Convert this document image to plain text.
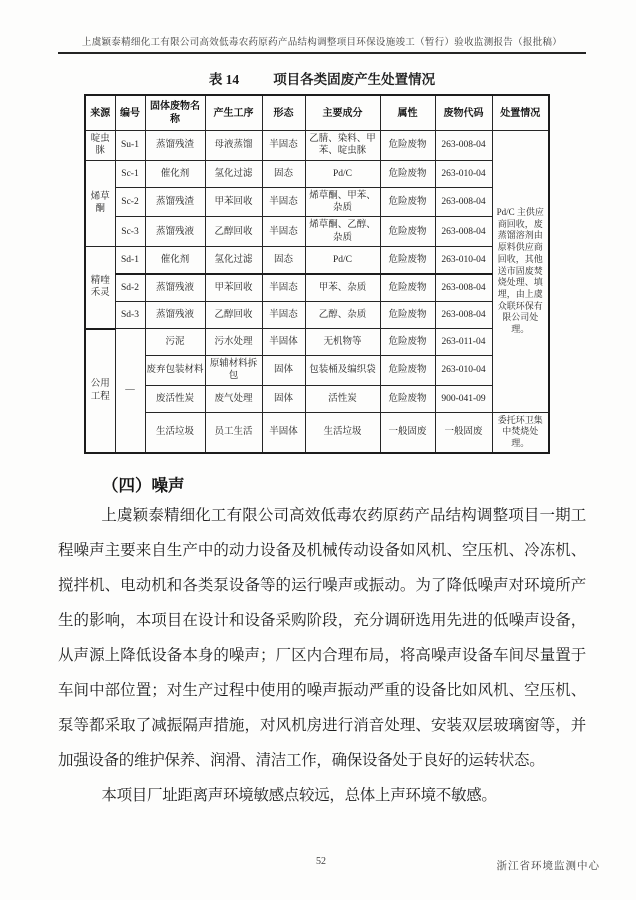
上虞颖泰精细化工有限公司高效低毒农药原药产品结构调整项目环保设施竣工（暂行）验收监测报告（报批稿）
表 14	项目各类固废产生处置情况
来源	编号	固体废物名称	产生工序	形态	主要成分	属性	废物代码	处置情况
啶虫脒	Su-1	蒸馏残渣	母液蒸馏	半固态	乙腈、染料、甲苯、啶虫脒	危险废物	263-008-04	Pd/C 主供应商回收，废蒸馏溶剂由原料供应商回收，其他送市固废焚烧处理、填埋，由上虞众联环保有限公司处理。
烯草酮	Sc-1	催化剂	氢化过滤	固态	Pd/C	危险废物	263-010-04	
	Sc-2	蒸馏残渣	甲苯回收	半固态	烯草酮、甲苯、杂质	危险废物	263-008-04	
	Sc-3	蒸馏残液	乙醇回收	半固态	烯草酮、乙醇、杂质	危险废物	263-008-04	
精喹禾灵	Sd-1	催化剂	氢化过滤	固态	Pd/C	危险废物	263-010-04	
	Sd-2	蒸馏残液	甲苯回收	半固态	甲苯、杂质	危险废物	263-008-04	
	Sd-3	蒸馏残液	乙醇回收	半固态	乙醇、杂质	危险废物	263-008-04	
公用工程	—	污泥	污水处理	半固体	无机物等	危险废物	263-011-04	
		废弃包装材料	原辅材料拆包	固体	包装桶及编织袋	危险废物	263-010-04	
		废活性炭	废气处理	固体	活性炭	危险废物	900-041-09	
		生活垃圾	员工生活	半固体	生活垃圾	一般固废	一般固废	委托环卫集中焚烧处理。
（四）噪声

上虞颖泰精细化工有限公司高效低毒农药原药产品结构调整项目一期工程噪声主要来自生产中的动力设备及机械传动设备如风机、空压机、冷冻机、搅拌机、电动机和各类泵设备等的运行噪声或振动。为了降低噪声对环境所产生的影响，本项目在设计和设备采购阶段，充分调研选用先进的低噪声设备，从声源上降低设备本身的噪声；厂区内合理布局，将高噪声设备车间尽量置于车间中部位置；对生产过程中使用的噪声振动严重的设备比如风机、空压机、泵等都采取了减振隔声措施，对风机房进行消音处理、安装双层玻璃窗等，并加强设备的维护保养、润滑、清洁工作，确保设备处于良好的运转状态。

本项目厂址距离声环境敏感点较远，总体上声环境不敏感。

52	浙江省环境监测中心
